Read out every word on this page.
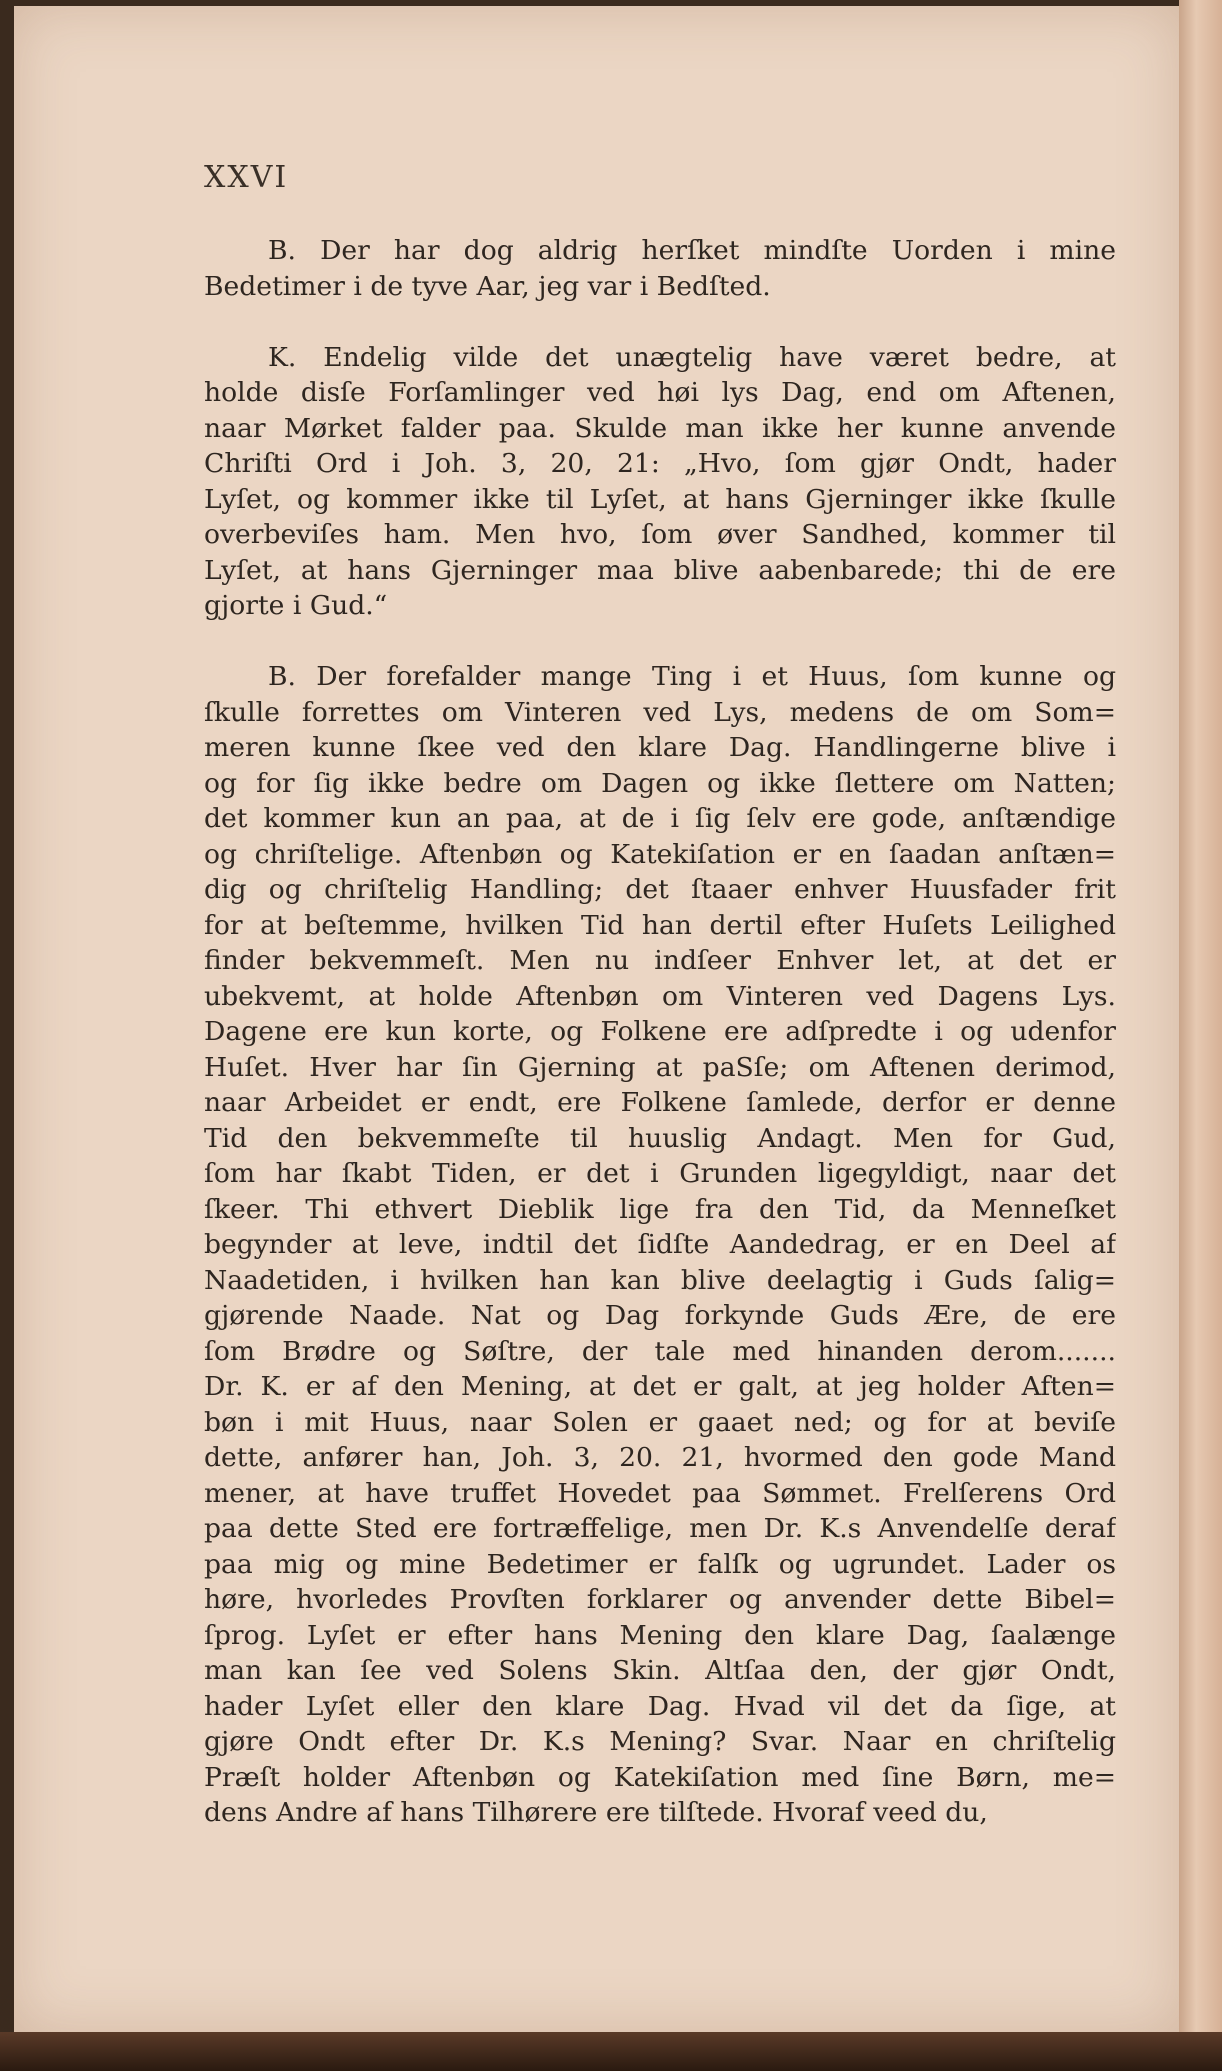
XXVI
B. Der har dog aldrig herſket mindſte Uorden i mine
Bedetimer i de tyve Aar, jeg var i Bedſted.
K. Endelig vilde det unægtelig have været bedre, at
holde disſe Forſamlinger ved høi lys Dag, end om Aftenen,
naar Mørket falder paa. Skulde man ikke her kunne anvende
Chriſti Ord i Joh. 3, 20, 21: „Hvo, ſom gjør Ondt, hader
Lyſet, og kommer ikke til Lyſet, at hans Gjerninger ikke ſkulle
overbeviſes ham. Men hvo, ſom øver Sandhed, kommer til
Lyſet, at hans Gjerninger maa blive aabenbarede; thi de ere
gjorte i Gud.“
B. Der forefalder mange Ting i et Huus, ſom kunne og
ſkulle forrettes om Vinteren ved Lys, medens de om Som=
meren kunne ſkee ved den klare Dag. Handlingerne blive i
og for ſig ikke bedre om Dagen og ikke ſlettere om Natten;
det kommer kun an paa, at de i ſig ſelv ere gode, anſtændige
og chriſtelige. Aftenbøn og Katekiſation er en ſaadan anſtæn=
dig og chriſtelig Handling; det ſtaaer enhver Huusfader frit
for at beſtemme, hvilken Tid han dertil efter Huſets Leilighed
finder bekvemmeſt. Men nu indſeer Enhver let, at det er
ubekvemt, at holde Aftenbøn om Vinteren ved Dagens Lys.
Dagene ere kun korte, og Folkene ere adſpredte i og udenfor
Huſet. Hver har ſin Gjerning at paSſe; om Aftenen derimod,
naar Arbeidet er endt, ere Folkene ſamlede, derfor er denne
Tid den bekvemmeſte til huuslig Andagt. Men for Gud,
ſom har ſkabt Tiden, er det i Grunden ligegyldigt, naar det
ſkeer. Thi ethvert Dieblik lige fra den Tid, da Menneſket
begynder at leve, indtil det ſidſte Aandedrag, er en Deel af
Naadetiden, i hvilken han kan blive deelagtig i Guds ſalig=
gjørende Naade. Nat og Dag forkynde Guds Ære, de ere
ſom Brødre og Søſtre, der tale med hinanden derom.......
Dr. K. er af den Mening, at det er galt, at jeg holder Aften=
bøn i mit Huus, naar Solen er gaaet ned; og for at beviſe
dette, anfører han, Joh. 3, 20. 21, hvormed den gode Mand
mener, at have truffet Hovedet paa Sømmet. Frelſerens Ord
paa dette Sted ere fortræffelige, men Dr. K.s Anvendelſe deraf
paa mig og mine Bedetimer er falſk og ugrundet. Lader os
høre, hvorledes Provſten forklarer og anvender dette Bibel=
ſprog. Lyſet er efter hans Mening den klare Dag, ſaalænge
man kan ſee ved Solens Skin. Altſaa den, der gjør Ondt,
hader Lyſet eller den klare Dag. Hvad vil det da ſige, at
gjøre Ondt efter Dr. K.s Mening? Svar. Naar en chriſtelig
Præſt holder Aftenbøn og Katekiſation med ſine Børn, me=
dens Andre af hans Tilhørere ere tilſtede. Hvoraf veed du,
